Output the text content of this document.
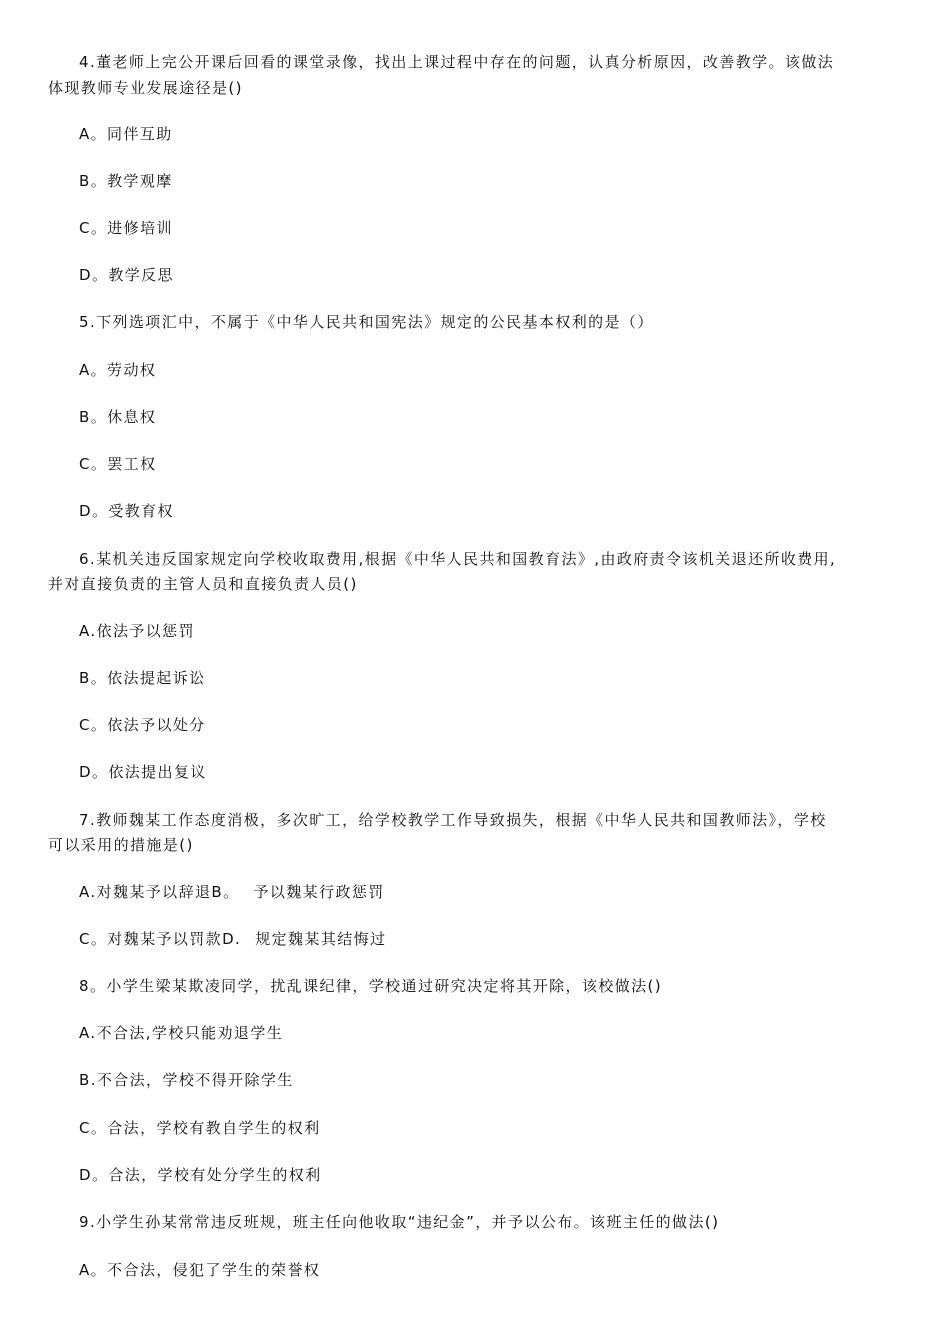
4.董老师上完公开课后回看的课堂录像，找出上课过程中存在的问题，认真分析原因，改善教学。该做法
体现教师专业发展途径是()
A。同伴互助
B。教学观摩
C。进修培训
D。教学反思
5.下列选项汇中，不属于《中华人民共和国宪法》规定的公民基本权利的是（）
A。劳动权
B。休息权
C。罢工权
D。受教育权
6.某机关违反国家规定向学校收取费用,根据《中华人民共和国教育法》,由政府责令该机关退还所收费用,
并对直接负责的主管人员和直接负责人员()
A.依法予以惩罚
B。依法提起诉讼
C。依法予以处分
D。依法提出复议
7.教师魏某工作态度消极，多次旷工，给学校教学工作导致损失，根据《中华人民共和国教师法》，学校
可以采用的措施是()
A.对魏某予以辞退B。 予以魏某行政惩罚
C。对魏某予以罚款D. 规定魏某其结悔过
8。小学生梁某欺凌同学，扰乱课纪律，学校通过研究决定将其开除，该校做法()
A.不合法,学校只能劝退学生
B.不合法，学校不得开除学生
C。合法，学校有教自学生的权利
D。合法，学校有处分学生的权利
9.小学生孙某常常违反班规，班主任向他收取“违纪金”，并予以公布。该班主任的做法()
A。不合法，侵犯了学生的荣誉权
